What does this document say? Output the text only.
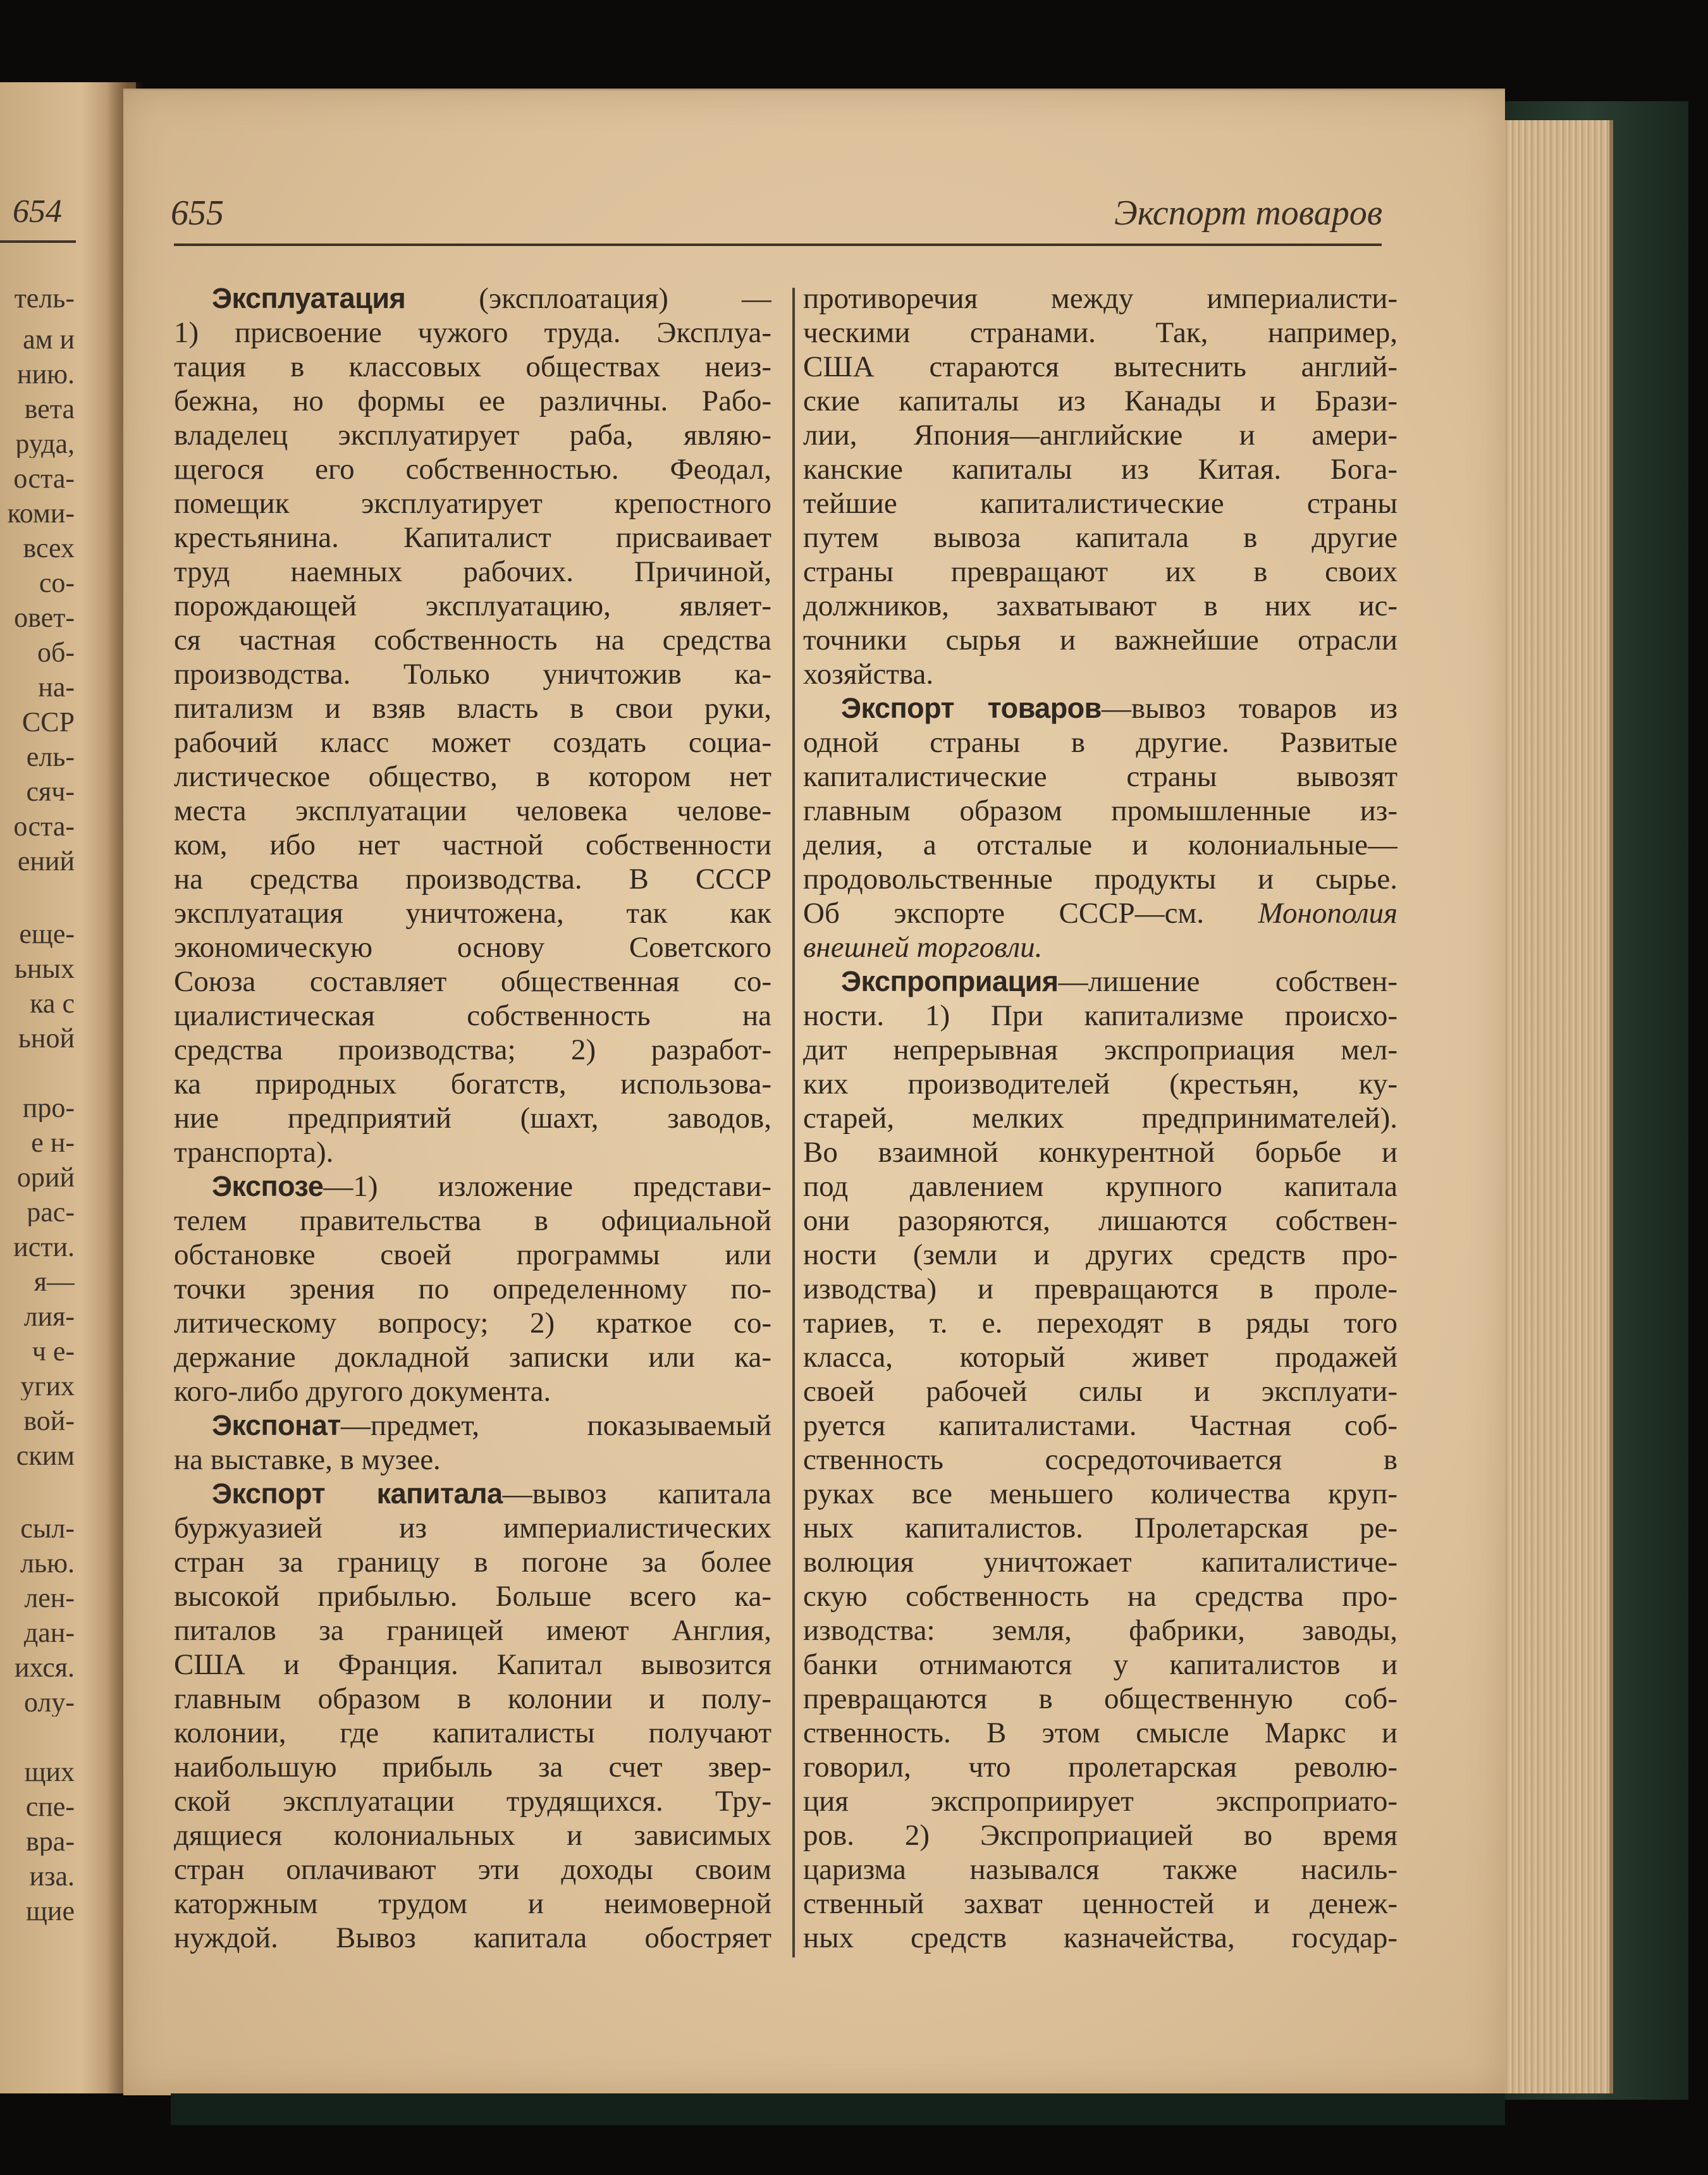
654
тель-
ам и
нию.
вета
руда,
оста-
коми-
всех
со-
овет-
об-
на-
ССР
ель-
сяч-
оста-
ений
еще-
ьных
ка с
ьной
про-
е н-
орий
рас-
исти.
я—
лия-
ч е-
угих
вой-
ским
сыл-
лью.
лен-
дан-
ихся.
олу-
щих
спе-
вра-
иза.
щие
655	Экспорт товаров
Эксплуатация (эксплоатация) —
1) присвоение чужого труда. Эксплуа-
тация в классовых обществах неиз-
бежна, но формы ее различны. Рабо-
владелец эксплуатирует раба, являю-
щегося его собственностью. Феодал,
помещик эксплуатирует крепостного
крестьянина. Капиталист присваивает
труд наемных рабочих. Причиной,
порождающей эксплуатацию, являет-
ся частная собственность на средства
производства. Только уничтожив ка-
питализм и взяв власть в свои руки,
рабочий класс может создать социа-
листическое общество, в котором нет
места эксплуатации человека челове-
ком, ибо нет частной собственности
на средства производства. В СССР
эксплуатация уничтожена, так как
экономическую основу Советского
Союза составляет общественная со-
циалистическая собственность на
средства производства; 2) разработ-
ка природных богатств, использова-
ние предприятий (шахт, заводов,
транспорта).
Экспозе—1) изложение представи-
телем правительства в официальной
обстановке своей программы или
точки зрения по определенному по-
литическому вопросу; 2) краткое со-
держание докладной записки или ка-
кого-либо другого документа.
Экспонат—предмет, показываемый
на выставке, в музее.
Экспорт капитала—вывоз капитала
буржуазией из империалистических
стран за границу в погоне за более
высокой прибылью. Больше всего ка-
питалов за границей имеют Англия,
США и Франция. Капитал вывозится
главным образом в колонии и полу-
колонии, где капиталисты получают
наибольшую прибыль за счет звер-
ской эксплуатации трудящихся. Тру-
дящиеся колониальных и зависимых
стран оплачивают эти доходы своим
каторжным трудом и неимоверной
нуждой. Вывоз капитала обостряет
противоречия между империалисти-
ческими странами. Так, например,
США стараются вытеснить англий-
ские капиталы из Канады и Брази-
лии, Япония—английские и амери-
канские капиталы из Китая. Бога-
тейшие капиталистические страны
путем вывоза капитала в другие
страны превращают их в своих
должников, захватывают в них ис-
точники сырья и важнейшие отрасли
хозяйства.
Экспорт товаров—вывоз товаров из
одной страны в другие. Развитые
капиталистические страны вывозят
главным образом промышленные из-
делия, а отсталые и колониальные—
продовольственные продукты и сырье.
Об экспорте СССР—см. Монополия
внешней торговли.
Экспроприация—лишение собствен-
ности. 1) При капитализме происхо-
дит непрерывная экспроприация мел-
ких производителей (крестьян, ку-
старей, мелких предпринимателей).
Во взаимной конкурентной борьбе и
под давлением крупного капитала
они разоряются, лишаются собствен-
ности (земли и других средств про-
изводства) и превращаются в проле-
тариев, т. е. переходят в ряды того
класса, который живет продажей
своей рабочей силы и эксплуати-
руется капиталистами. Частная соб-
ственность сосредоточивается в
руках все меньшего количества круп-
ных капиталистов. Пролетарская ре-
волюция уничтожает капиталистиче-
скую собственность на средства про-
изводства: земля, фабрики, заводы,
банки отнимаются у капиталистов и
превращаются в общественную соб-
ственность. В этом смысле Маркс и
говорил, что пролетарская револю-
ция экспроприирует экспроприато-
ров. 2) Экспроприацией во время
царизма назывался также насиль-
ственный захват ценностей и денеж-
ных средств казначейства, государ-
